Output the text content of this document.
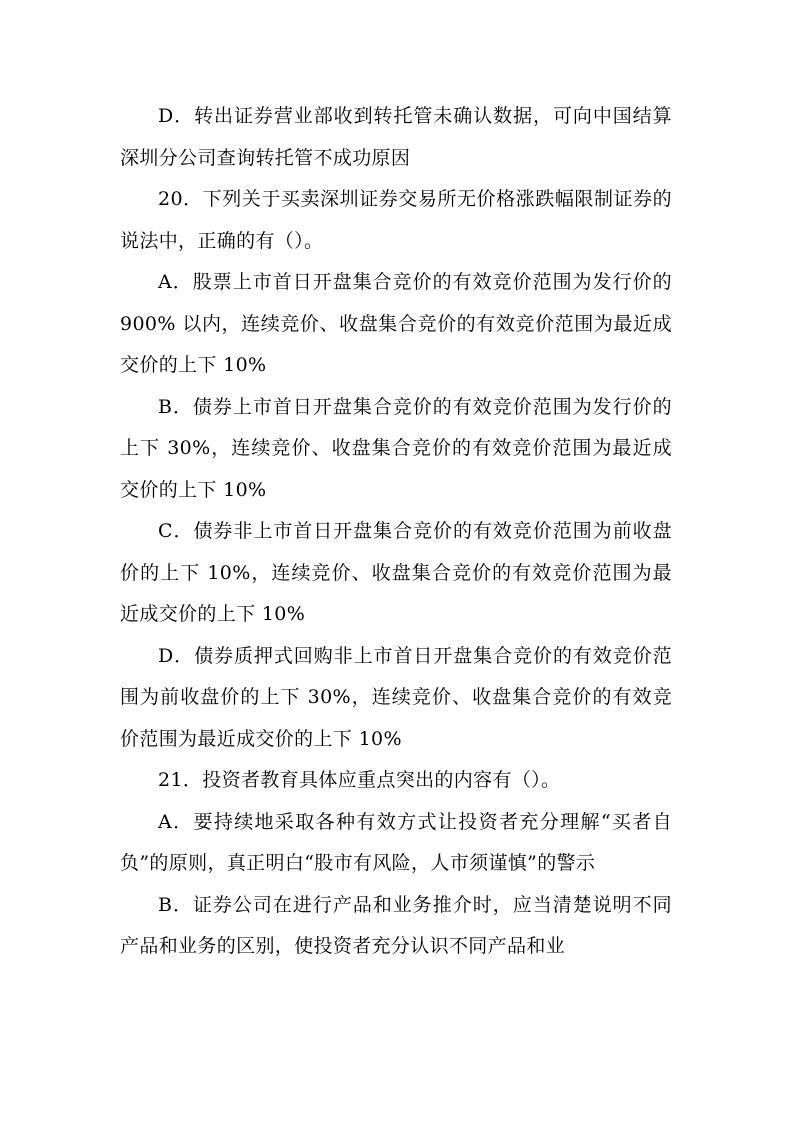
D．转出证券营业部收到转托管未确认数据，可向中国结算深圳分公司查询转托管不成功原因

20．下列关于买卖深圳证券交易所无价格涨跌幅限制证券的说法中，正确的有（）。

A．股票上市首日开盘集合竞价的有效竞价范围为发行价的 900% 以内，连续竞价、收盘集合竞价的有效竞价范围为最近成交价的上下 10%

B．债券上市首日开盘集合竞价的有效竞价范围为发行价的上下 30%，连续竞价、收盘集合竞价的有效竞价范围为最近成交价的上下 10%

C．债券非上市首日开盘集合竞价的有效竞价范围为前收盘价的上下 10%，连续竞价、收盘集合竞价的有效竞价范围为最近成交价的上下 10%

D．债券质押式回购非上市首日开盘集合竞价的有效竞价范围为前收盘价的上下 30%，连续竞价、收盘集合竞价的有效竞价范围为最近成交价的上下 10%

21．投资者教育具体应重点突出的内容有（）。

A．要持续地采取各种有效方式让投资者充分理解“买者自负”的原则，真正明白“股市有风险，人市须谨慎”的警示

B．证券公司在进行产品和业务推介时，应当清楚说明不同产品和业务的区别，使投资者充分认识不同产品和业
